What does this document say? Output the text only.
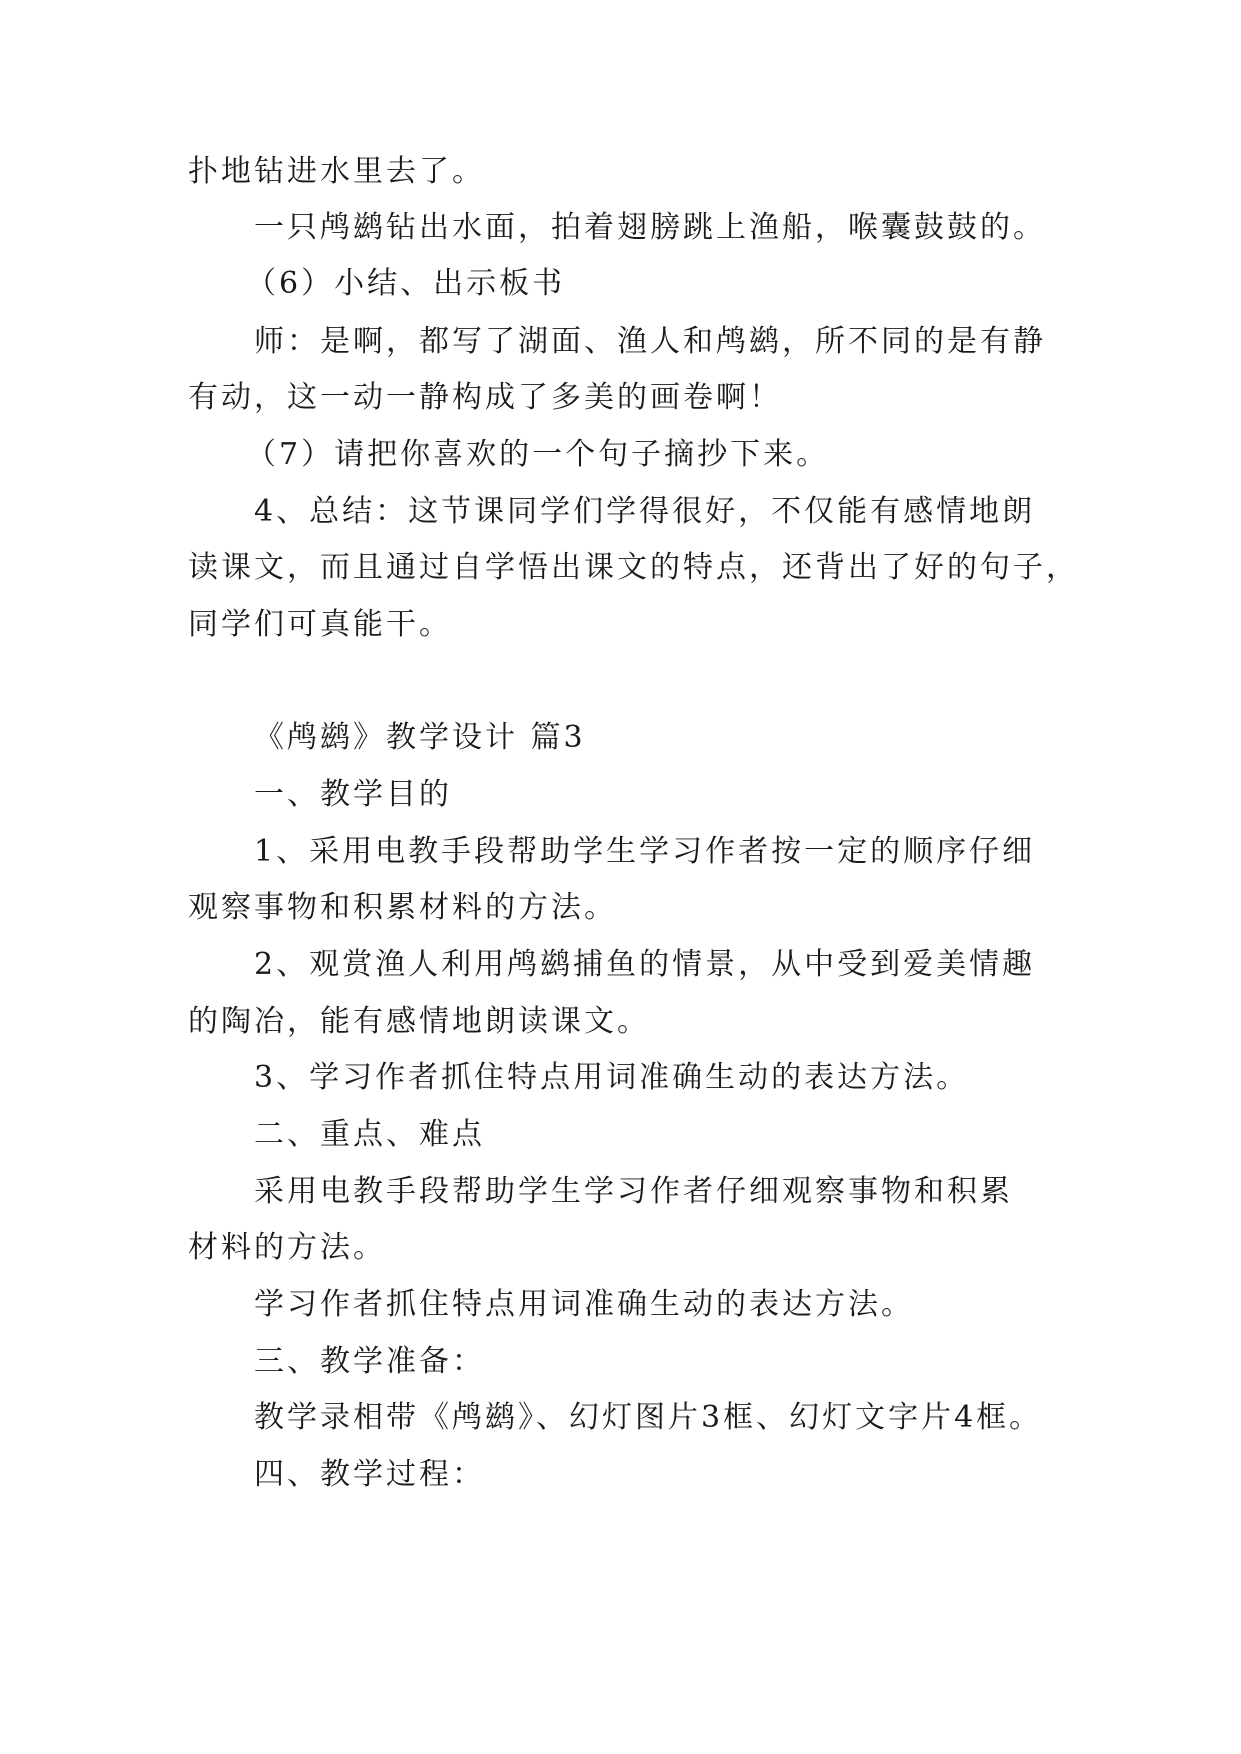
扑地钻进水里去了。

一只鸬鹚钻出水面，拍着翅膀跳上渔船，喉囊鼓鼓的。

（6）小结、出示板书

师：是啊，都写了湖面、渔人和鸬鹚，所不同的是有静

有动，这一动一静构成了多美的画卷啊！

（7）请把你喜欢的一个句子摘抄下来。

4、总结：这节课同学们学得很好，不仅能有感情地朗

读课文，而且通过自学悟出课文的特点，还背出了好的句子，

同学们可真能干。

《鸬鹚》教学设计 篇3

一、教学目的

1、采用电教手段帮助学生学习作者按一定的顺序仔细

观察事物和积累材料的方法。

2、观赏渔人利用鸬鹚捕鱼的情景，从中受到爱美情趣

的陶冶，能有感情地朗读课文。

3、学习作者抓住特点用词准确生动的表达方法。

二、重点、难点

采用电教手段帮助学生学习作者仔细观察事物和积累

材料的方法。

学习作者抓住特点用词准确生动的表达方法。

三、教学准备：

教学录相带《鸬鹚》、幻灯图片3框、幻灯文字片4框。

四、教学过程：
